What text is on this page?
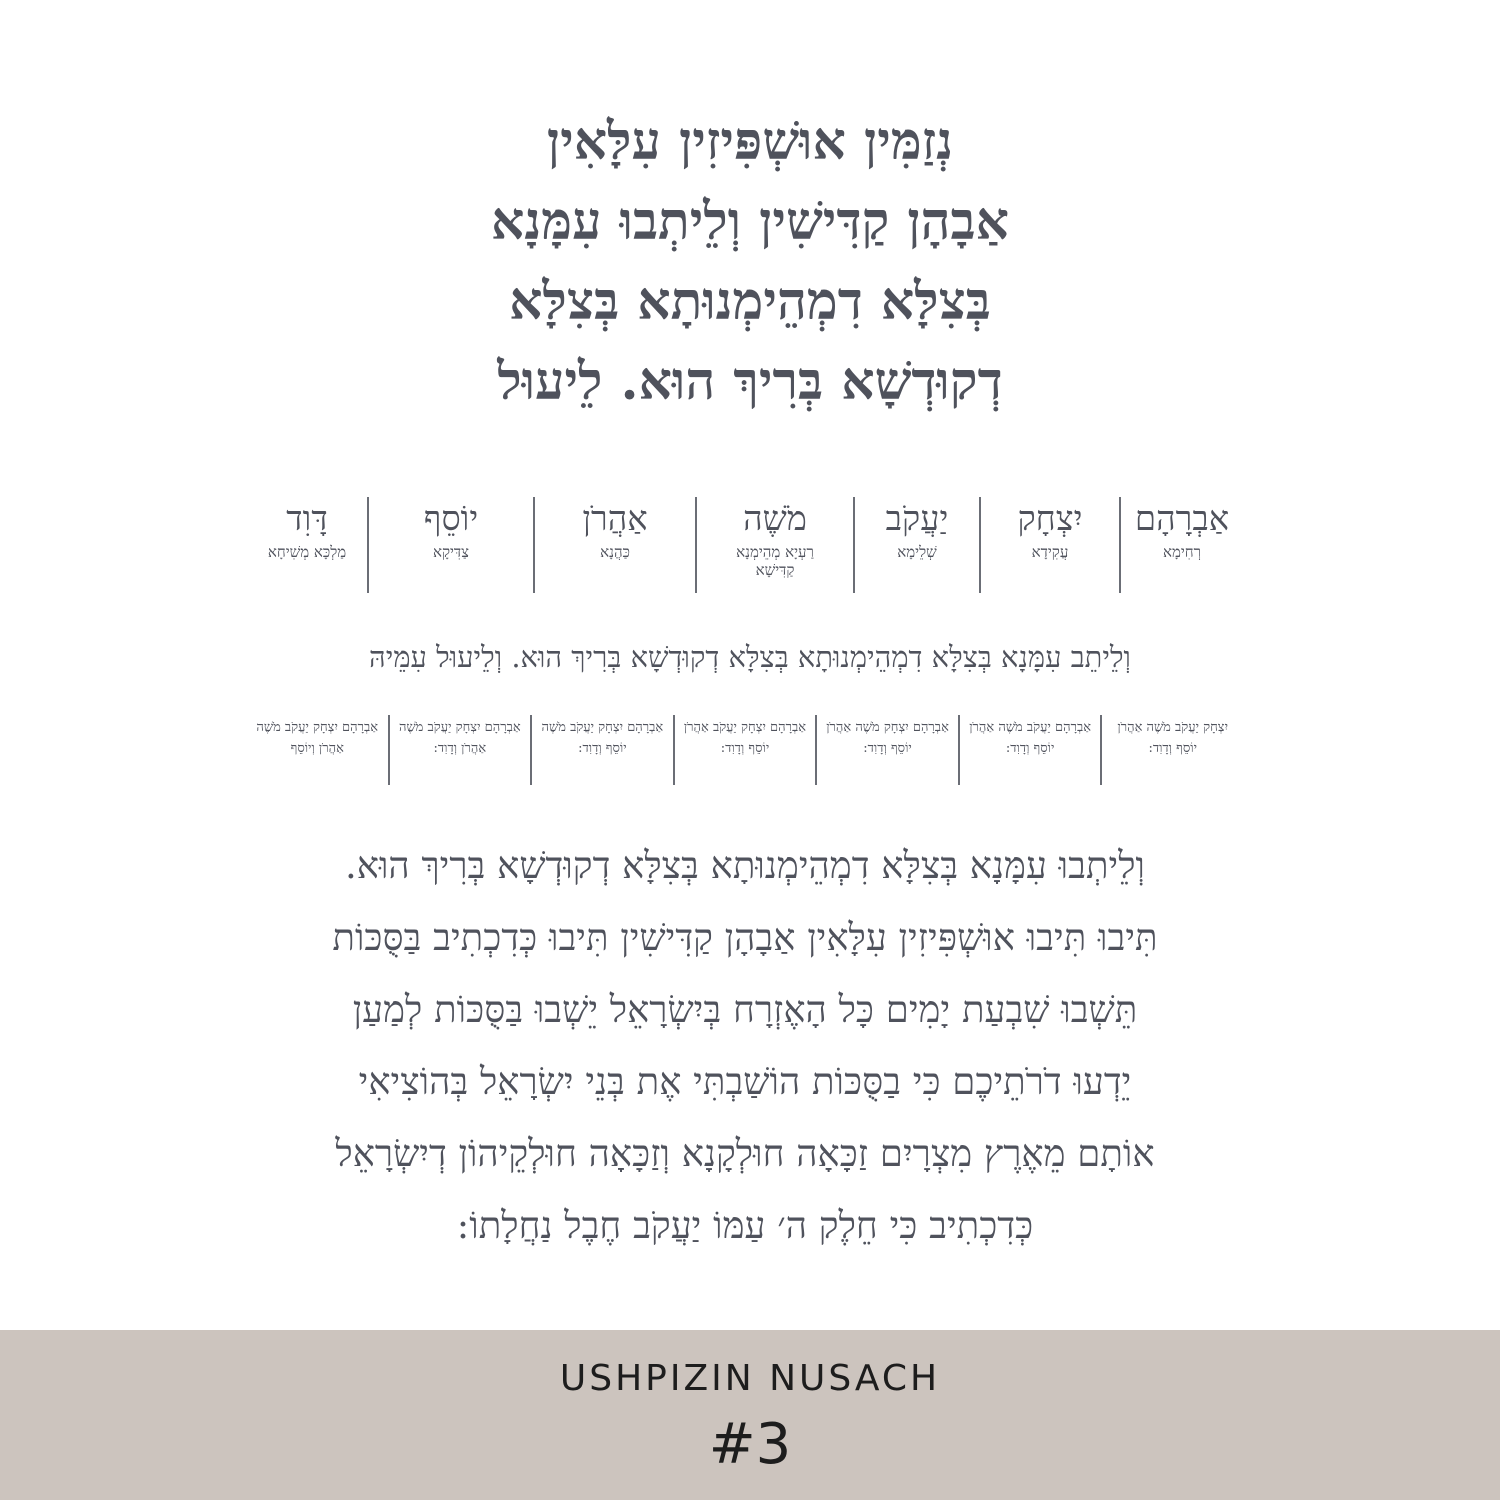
נְזַמִּין אוּשְׁפִּיזִין עִלָּאִין
אַבָהָן קַדִּישִׁין וְלֵיתְבוּ עִמָּנָא
בְּצִלָּא דִמְהֵימְנוּתָא בְּצִלָּא
דְקוּדְשָׁא בְּרִיךְ הוּא. לֵיעוּל
אַבְרָהָם
רְחִימָא
יִצְחָק
עֲקִידָא
יַעֲקֹב
שְׁלֵימָא
מֹשֶׁה
רַעְיָא מְהֵימְנָא קַדִּישָׁא
אַהֲרֹן
כַּהֲנָא
יוֹסֵף
צַדִּיקָא
דָּוִד
מַלְכָּא מְשִׁיחָא
וְלֵיתֵב עִמָּנָא בְּצִלָּא דִמְהֵימְנוּתָא בְּצִלָּא דְקוּדְשָׁא בְּרִיךְ הוּא. וְלֵיעוּל עִמֵּיהּ
יִצְחָק יַעֲקֹב מֹשֶׁה אַהֲרֹן יוֹסֵף וְדָוִד:
אַבְרָהָם יַעֲקֹב מֹשֶׁה אַהֲרֹן יוֹסֵף וְדָוִד:
אַבְרָהָם יִצְחָק מֹשֶׁה אַהֲרֹן יוֹסֵף וְדָוִד:
אַבְרָהָם יִצְחָק יַעֲקֹב אַהֲרֹן יוֹסֵף וְדָוִד:
אַבְרָהָם יִצְחָק יַעֲקֹב מֹשֶׁה יוֹסֵף וְדָוִד:
אַבְרָהָם יִצְחָק יַעֲקֹב מֹשֶׁה אַהֲרֹן וְדָוִד:
אַבְרָהָם יִצְחָק יַעֲקֹב מֹשֶׁה אַהֲרֹן וְיוֹסֵף
וְלֵיתְבוּ עִמָּנָא בְּצִלָּא דִמְהֵימְנוּתָא בְּצִלָּא דְקוּדְשָׁא בְּרִיךְ הוּא.
תִּיבוּ תִּיבוּ אוּשְׁפִּיזִין עִלָּאִין אַבָהָן קַדִּישִׁין תִּיבוּ כְּדִכְתִיב בַּסֻּכּוֹת
תֵּשְׁבוּ שִׁבְעַת יָמִים כָּל הָאֶזְרָח בְּיִשְׂרָאֵל יֵשְׁבוּ בַּסֻּכּוֹת לְמַעַן
יֵדְעוּ דֹרֹתֵיכֶם כִּי בַסֻּכּוֹת הוֹשַׁבְתִּי אֶת בְּנֵי יִשְׂרָאֵל בְּהוֹצִיאִי
אוֹתָם מֵאֶרֶץ מִצְרָיִם זַכָּאָה חוּלְקָנָא וְזַכָּאָה חוּלְקֵיהוֹן דְיִשְׂרָאֵל
כְּדִכְתִיב כִּי חֵלֶק ה׳ עַמּוֹ יַעֲקֹב חֶבֶל נַחֲלָתוֹ:
USHPIZIN NUSACH
#3
